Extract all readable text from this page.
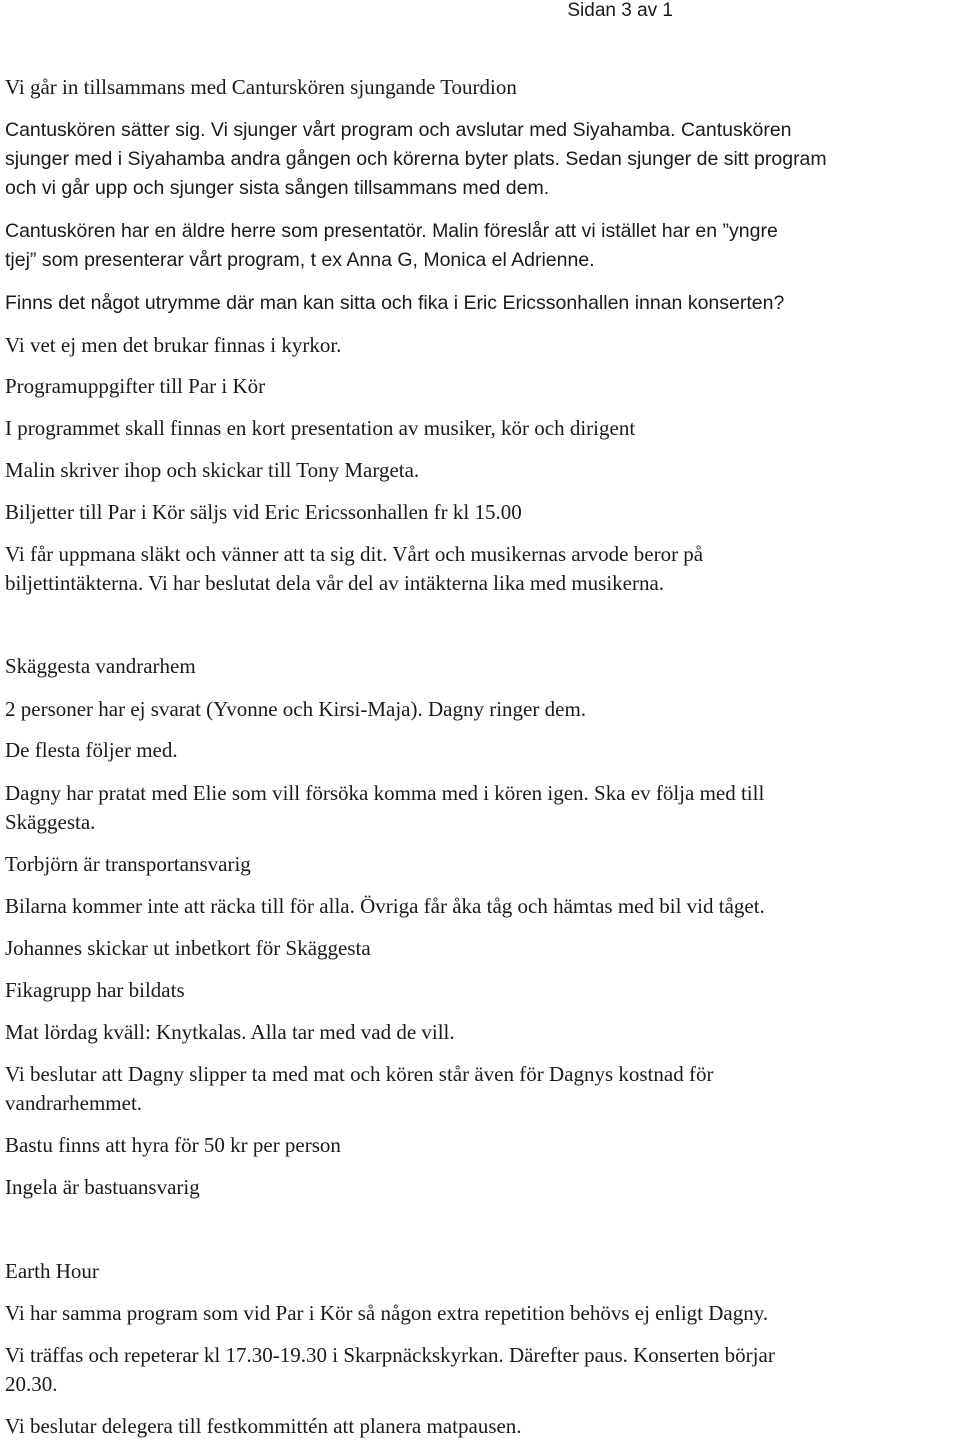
Sidan 3 av 1

Vi går in tillsammans med Canturskören sjungande Tourdion

Cantuskören sätter sig. Vi sjunger vårt program och avslutar med Siyahamba. Cantuskören

sjunger med i Siyahamba andra gången och körerna byter plats. Sedan sjunger de sitt program

och vi går upp och sjunger sista sången tillsammans med dem.

Cantuskören har en äldre herre som presentatör. Malin föreslår att vi istället har en ”yngre

tjej” som presenterar vårt program, t ex Anna G, Monica el Adrienne.

Finns det något utrymme där man kan sitta och fika i Eric Ericssonhallen innan konserten?

Vi vet ej men det brukar finnas i kyrkor.

Programuppgifter till Par i Kör

I programmet skall finnas en kort presentation av musiker, kör och dirigent

Malin skriver ihop och skickar till Tony Margeta.

Biljetter till Par i Kör säljs vid Eric Ericssonhallen fr kl 15.00

Vi får uppmana släkt och vänner att ta sig dit. Vårt och musikernas arvode beror på

biljettintäkterna. Vi har beslutat dela vår del av intäkterna lika med musikerna.

Skäggesta vandrarhem

2 personer har ej svarat (Yvonne och Kirsi-Maja). Dagny ringer dem.

De flesta följer med.

Dagny har pratat med Elie som vill försöka komma med i kören igen. Ska ev följa med till

Skäggesta.

Torbjörn är transportansvarig

Bilarna kommer inte att räcka till för alla. Övriga får åka tåg och hämtas med bil vid tåget.

Johannes skickar ut inbetkort för Skäggesta

Fikagrupp har bildats

Mat lördag kväll: Knytkalas. Alla tar med vad de vill.

Vi beslutar att Dagny slipper ta med mat och kören står även för Dagnys kostnad för

vandrarhemmet.

Bastu finns att hyra för 50 kr per person

Ingela är bastuansvarig

Earth Hour

Vi har samma program som vid Par i Kör så någon extra repetition behövs ej enligt Dagny.

Vi träffas och repeterar kl 17.30-19.30 i Skarpnäckskyrkan. Därefter paus. Konserten börjar

20.30.

Vi beslutar delegera till festkommittén att planera matpausen.
